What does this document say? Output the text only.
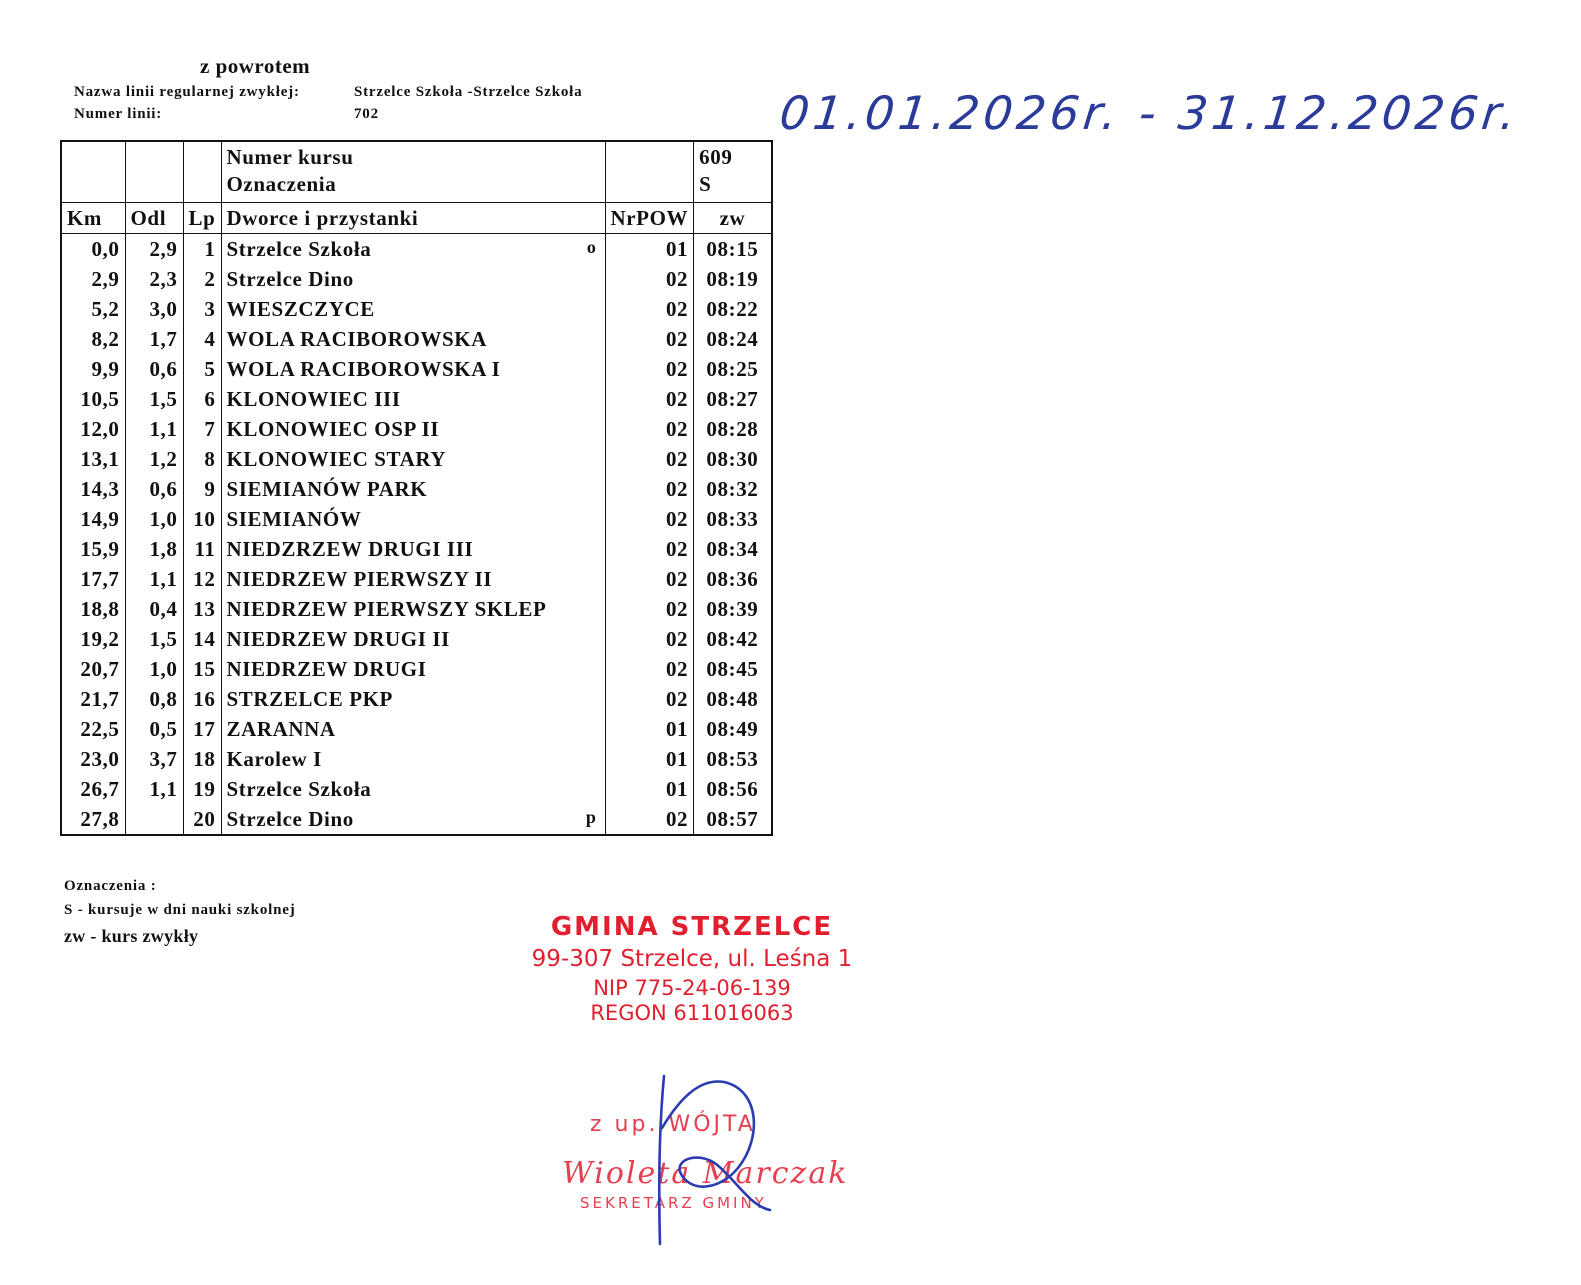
z powrotem
Nazwa linii regularnej zwykłej:	Strzelce Szkoła -Strzelce Szkoła
Numer linii:	702	01.01.2026r. - 31.12.2026r.
			Numer kursu		609
			Oznaczenia		S
Km	Odl	Lp	Dworce i przystanki	NrPOW	zw
0,0	2,9	1	Strzelce Szkoła o	01	08:15
2,9	2,3	2	Strzelce Dino	02	08:19
5,2	3,0	3	WIESZCZYCE	02	08:22
8,2	1,7	4	WOLA RACIBOROWSKA	02	08:24
9,9	0,6	5	WOLA RACIBOROWSKA I	02	08:25
10,5	1,5	6	KLONOWIEC III	02	08:27
12,0	1,1	7	KLONOWIEC OSP II	02	08:28
13,1	1,2	8	KLONOWIEC STARY	02	08:30
14,3	0,6	9	SIEMIANÓW PARK	02	08:32
14,9	1,0	10	SIEMIANÓW	02	08:33
15,9	1,8	11	NIEDZRZEW DRUGI III	02	08:34
17,7	1,1	12	NIEDRZEW PIERWSZY II	02	08:36
18,8	0,4	13	NIEDRZEW PIERWSZY SKLEP	02	08:39
19,2	1,5	14	NIEDRZEW DRUGI II	02	08:42
20,7	1,0	15	NIEDRZEW DRUGI	02	08:45
21,7	0,8	16	STRZELCE PKP	02	08:48
22,5	0,5	17	ZARANNA	01	08:49
23,0	3,7	18	Karolew I	01	08:53
26,7	1,1	19	Strzelce Szkoła	01	08:56
27,8		20	Strzelce Dino p	02	08:57
Oznaczenia :
S - kursuje w dni nauki szkolnej
zw - kurs zwykły	GMINA STRZELCE
99-307 Strzelce, ul. Leśna 1
NIP 775-24-06-139
REGON 611016063
z up. WÓJTA
Wioleta Marczak
SEKRETARZ GMINY
